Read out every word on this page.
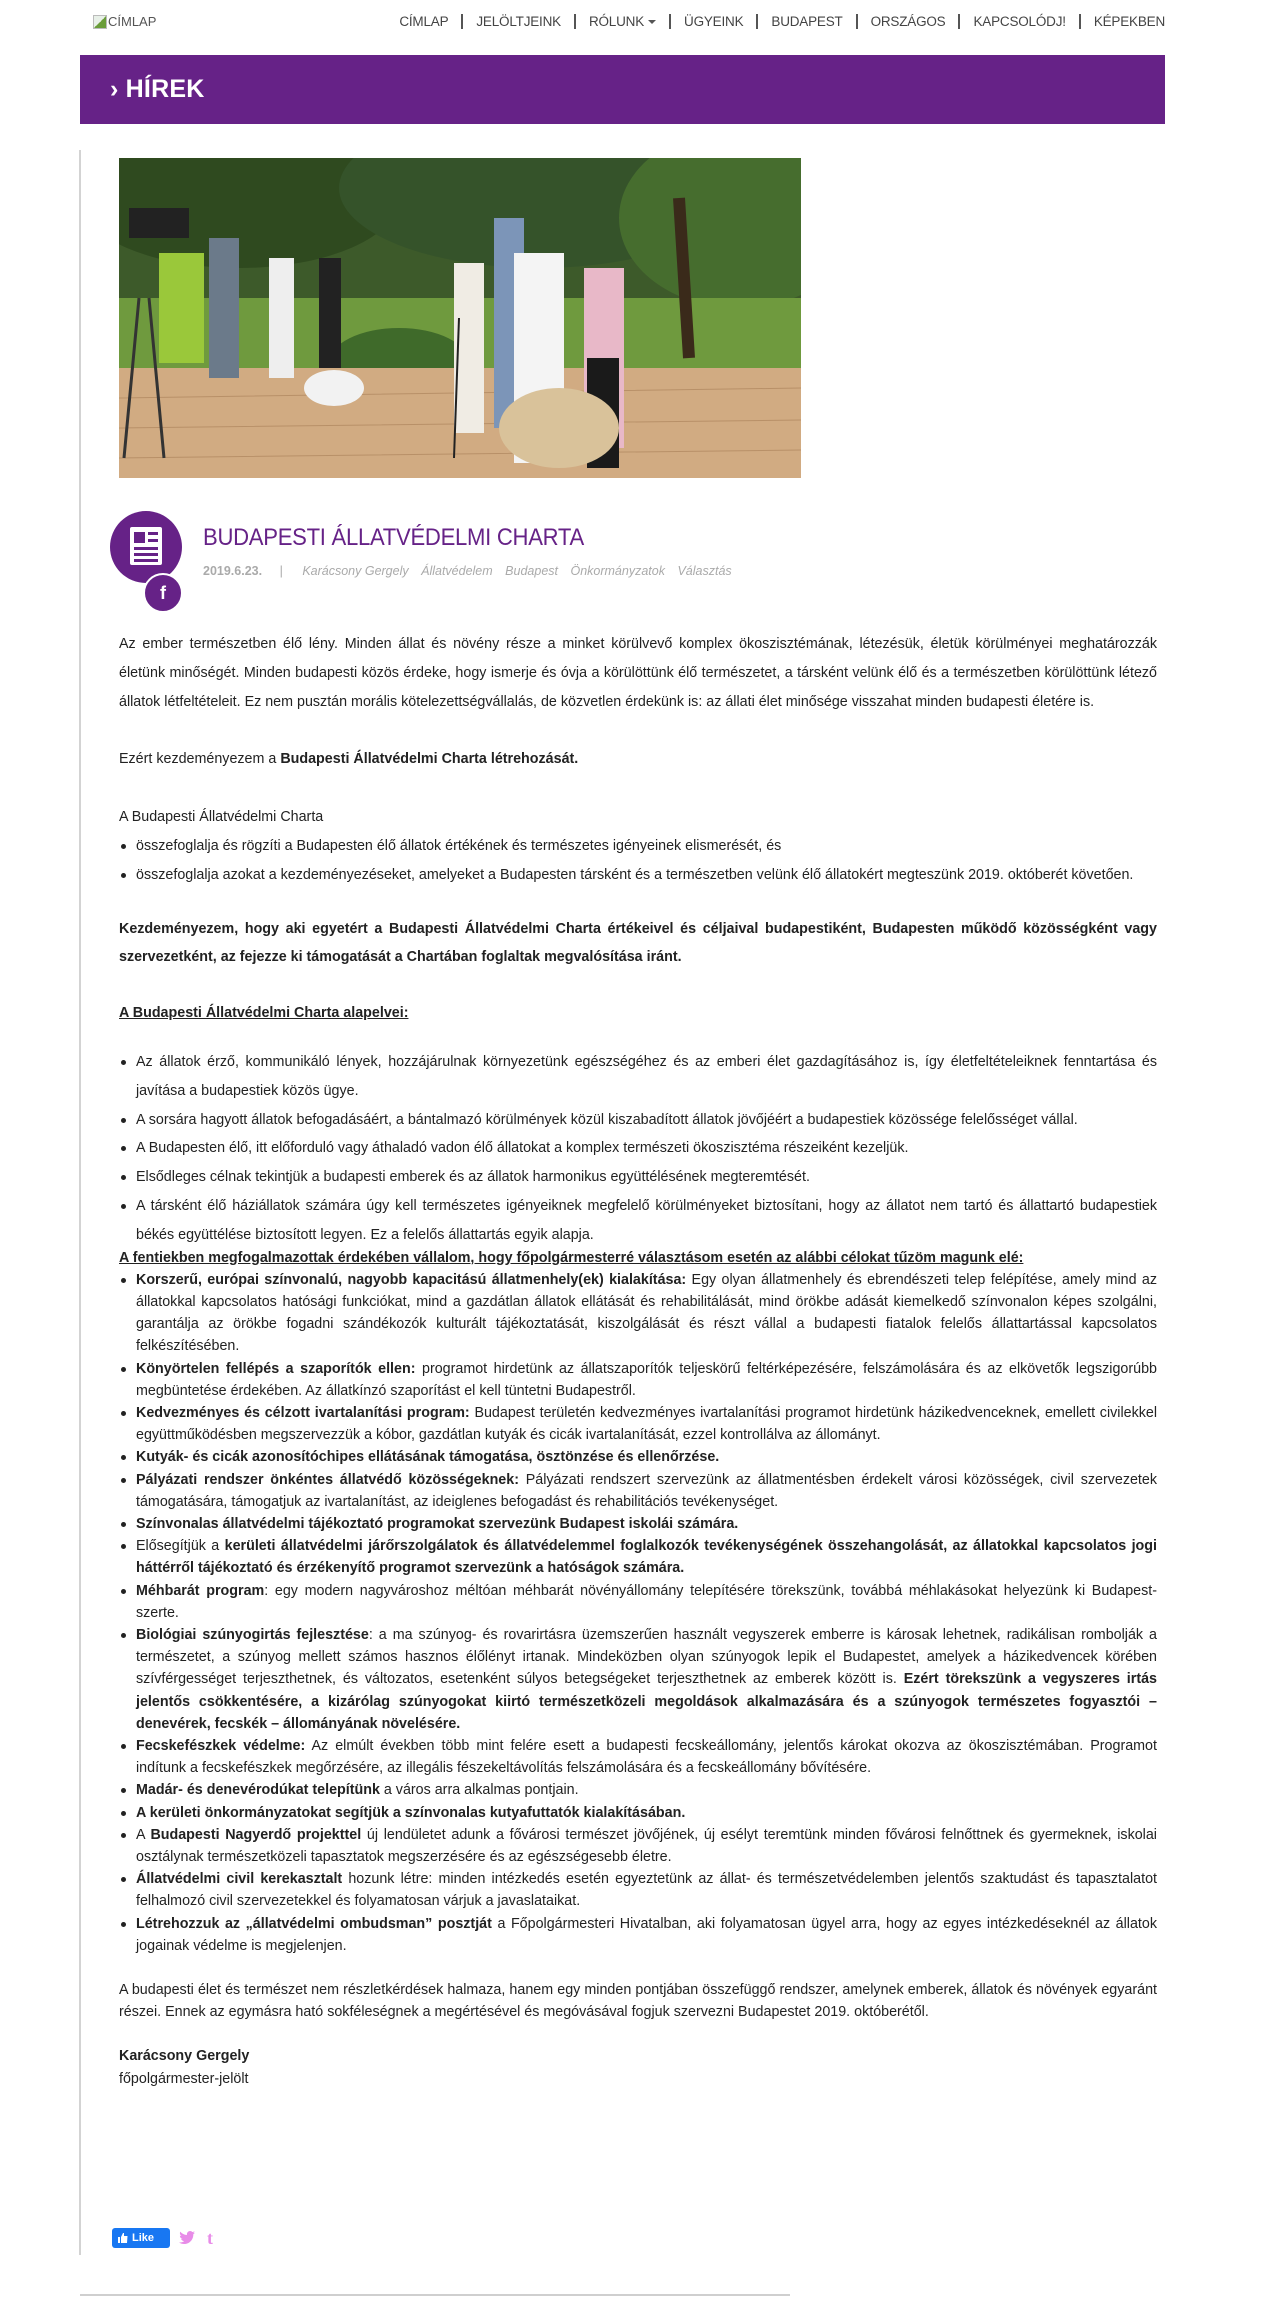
CÍMLAP	CÍMLAP JELÖLTJEINK RÓLUNK	ÜGYEINK BUDAPEST ORSZÁGOS KAPCSOLÓDJ! KÉPEKBEN
› HÍREK
f
BUDAPESTI ÁLLATVÉDELMI CHARTA
2019.6.23. | Karácsony Gergely Állatvédelem Budapest Önkormányzatok Választás

Az ember természetben élő lény. Minden állat és növény része a minket körülvevő komplex ökoszisztémának, létezésük, életük körülményei meghatározzák életünk minőségét. Minden budapesti közös érdeke, hogy ismerje és óvja a körülöttünk élő természetet, a társként velünk élő és a természetben körülöttünk létező állatok létfeltételeit. Ez nem pusztán morális kötelezettségvállalás, de közvetlen érdekünk is: az állati élet minősége visszahat minden budapesti életére is.

Ezért kezdeményezem a Budapesti Állatvédelmi Charta létrehozását.

A Budapesti Állatvédelmi Charta

összefoglalja és rögzíti a Budapesten élő állatok értékének és természetes igényeinek elismerését, és
összefoglalja azokat a kezdeményezéseket, amelyeket a Budapesten társként és a természetben velünk élő állatokért megteszünk 2019. októberét követően.

Kezdeményezem, hogy aki egyetért a Budapesti Állatvédelmi Charta értékeivel és céljaival budapestiként, Budapesten működő közösségként vagy szervezetként, az fejezze ki támogatását a Chartában foglaltak megvalósítása iránt.

A Budapesti Állatvédelmi Charta alapelvei:

Az állatok érző, kommunikáló lények, hozzájárulnak környezetünk egészségéhez és az emberi élet gazdagításához is, így életfeltételeiknek fenntartása és javítása a budapestiek közös ügye.
A sorsára hagyott állatok befogadásáért, a bántalmazó körülmények közül kiszabadított állatok jövőjéért a budapestiek közössége felelősséget vállal.
A Budapesten élő, itt előforduló vagy áthaladó vadon élő állatokat a komplex természeti ökoszisztéma részeiként kezeljük.
Elsődleges célnak tekintjük a budapesti emberek és az állatok harmonikus együttélésének megteremtését.
A társként élő háziállatok számára úgy kell természetes igényeiknek megfelelő körülményeket biztosítani, hogy az állatot nem tartó és állattartó budapestiek békés együttélése biztosított legyen. Ez a felelős állattartás egyik alapja.

A fentiekben megfogalmazottak érdekében vállalom, hogy főpolgármesterré választásom esetén az alábbi célokat tűzöm magunk elé:

Korszerű, európai színvonalú, nagyobb kapacitású állatmenhely(ek) kialakítása: Egy olyan állatmenhely és ebrendészeti telep felépítése, amely mind az állatokkal kapcsolatos hatósági funkciókat, mind a gazdátlan állatok ellátását és rehabilitálását, mind örökbe adását kiemelkedő színvonalon képes szolgálni, garantálja az örökbe fogadni szándékozók kulturált tájékoztatását, kiszolgálását és részt vállal a budapesti fiatalok felelős állattartással kapcsolatos felkészítésében.
Könyörtelen fellépés a szaporítók ellen: programot hirdetünk az állatszaporítók teljeskörű feltérképezésére, felszámolására és az elkövetők legszigorúbb megbüntetése érdekében. Az állatkínzó szaporítást el kell tüntetni Budapestről.
Kedvezményes és célzott ivartalanítási program: Budapest területén kedvezményes ivartalanítási programot hirdetünk házikedvenceknek, emellett civilekkel együttműködésben megszervezzük a kóbor, gazdátlan kutyák és cicák ivartalanítását, ezzel kontrollálva az állományt.
Kutyák- és cicák azonosítóchipes ellátásának támogatása, ösztönzése és ellenőrzése.
Pályázati rendszer önkéntes állatvédő közösségeknek: Pályázati rendszert szervezünk az állatmentésben érdekelt városi közösségek, civil szervezetek támogatására, támogatjuk az ivartalanítást, az ideiglenes befogadást és rehabilitációs tevékenységet.
Színvonalas állatvédelmi tájékoztató programokat szervezünk Budapest iskolái számára.
Elősegítjük a kerületi állatvédelmi járőrszolgálatok és állatvédelemmel foglalkozók tevékenységének összehangolását, az állatokkal kapcsolatos jogi háttérről tájékoztató és érzékenyítő programot szervezünk a hatóságok számára.
Méhbarát program: egy modern nagyvároshoz méltóan méhbarát növényállomány telepítésére törekszünk, továbbá méhlakásokat helyezünk ki Budapest-szerte.
Biológiai szúnyogirtás fejlesztése: a ma szúnyog- és rovarirtásra üzemszerűen használt vegyszerek emberre is károsak lehetnek, radikálisan rombolják a természetet, a szúnyog mellett számos hasznos élőlényt irtanak. Mindeközben olyan szúnyogok lepik el Budapestet, amelyek a házikedvencek körében szívférgességet terjeszthetnek, és változatos, esetenként súlyos betegségeket terjeszthetnek az emberek között is. Ezért törekszünk a vegyszeres irtás jelentős csökkentésére, a kizárólag szúnyogokat kiirtó természetközeli megoldások alkalmazására és a szúnyogok természetes fogyasztói – denevérek, fecskék – állományának növelésére.
Fecskefészkek védelme: Az elmúlt években több mint felére esett a budapesti fecskeállomány, jelentős károkat okozva az ökoszisztémában. Programot indítunk a fecskefészkek megőrzésére, az illegális fészekeltávolítás felszámolására és a fecskeállomány bővítésére.
Madár- és denevérodúkat telepítünk a város arra alkalmas pontjain.
A kerületi önkormányzatokat segítjük a színvonalas kutyafuttatók kialakításában.
A Budapesti Nagyerdő projekttel új lendületet adunk a fővárosi természet jövőjének, új esélyt teremtünk minden fővárosi felnőttnek és gyermeknek, iskolai osztálynak természetközeli tapasztatok megszerzésére és az egészségesebb életre.
Állatvédelmi civil kerekasztalt hozunk létre: minden intézkedés esetén egyeztetünk az állat- és természetvédelemben jelentős szaktudást és tapasztalatot felhalmozó civil szervezetekkel és folyamatosan várjuk a javaslataikat.
Létrehozzuk az „állatvédelmi ombudsman” posztját a Főpolgármesteri Hivatalban, aki folyamatosan ügyel arra, hogy az egyes intézkedéseknél az állatok jogainak védelme is megjelenjen.

A budapesti élet és természet nem részletkérdések halmaza, hanem egy minden pontjában összefüggő rendszer, amelynek emberek, állatok és növények egyaránt részei. Ennek az egymásra ható sokféleségnek a megértésével és megóvásával fogjuk szervezni Budapestet 2019. októberétől.

Karácsony Gergely

főpolgármester-jelölt

Like	t
